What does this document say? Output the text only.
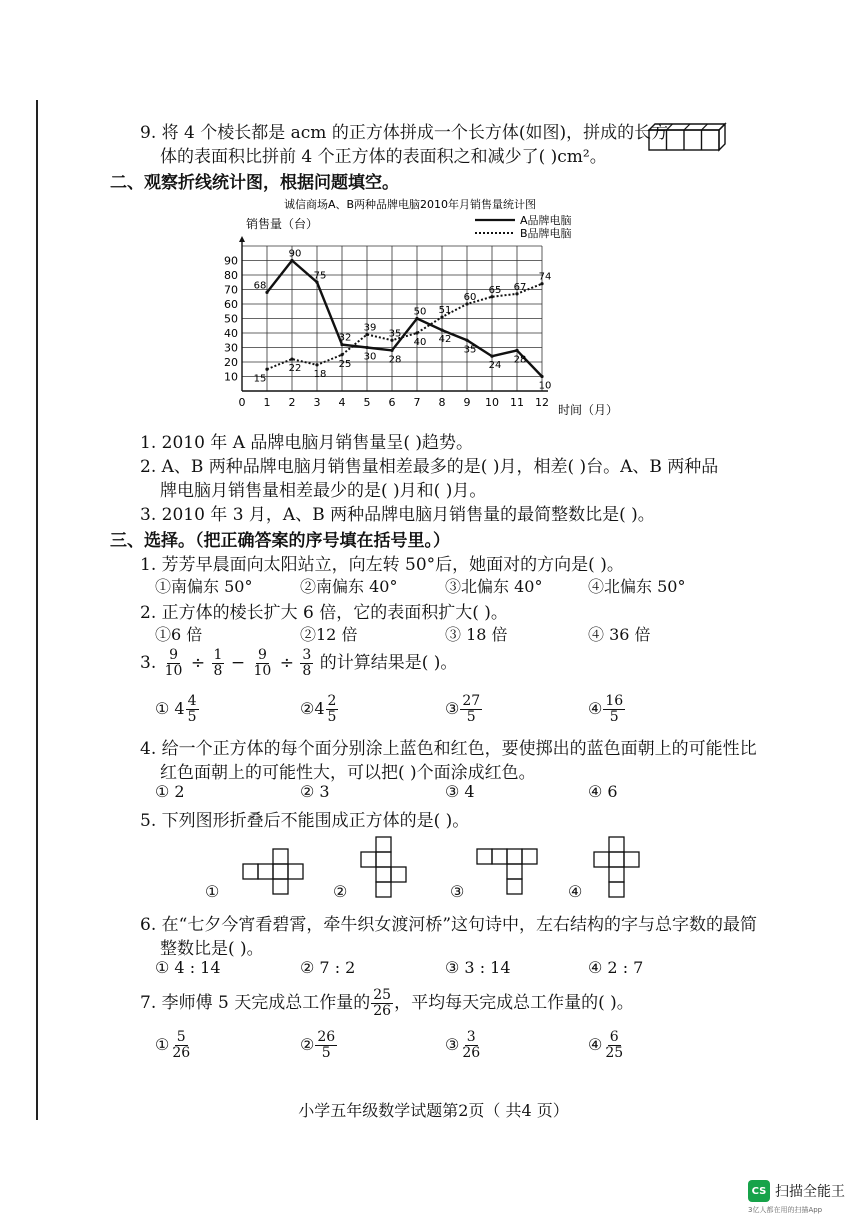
9. 将 4 个棱长都是 acm 的正方体拼成一个长方体(如图)，拼成的长方
体的表面积比拼前 4 个正方体的表面积之和减少了( )cm²。
二、观察折线统计图，根据问题填空。
诚信商场A、B两种品牌电脑2010年月销售量统计图
销售量（台）	A品牌电脑
B品牌电脑
10
20
30
40
50
60
70
80
90
0 1 2 3 4 5 6 7 8 9 10 11 12
68
90
75
32
30 28
50
42
35
24
28
10
15
22
18
25
39
35
40
51
60
65 67
74
时间（月）
1. 2010 年 A 品牌电脑月销售量呈( )趋势。
2. A、B 两种品牌电脑月销售量相差最多的是( )月，相差( )台。A、B 两种品
牌电脑月销售量相差最少的是( )月和( )月。
3. 2010 年 3 月，A、B 两种品牌电脑月销售量的最简整数比是( )。
三、选择。（把正确答案的序号填在括号里。）
1. 芳芳早晨面向太阳站立，向左转 50°后，她面对的方向是( )。
①南偏东 50°	②南偏东 40°	③北偏东 40°	④北偏东 50°
2. 正方体的棱长扩大 6 倍，它的表面积扩大( )。
①6 倍	②12 倍	③ 18 倍	④ 36 倍
3. $\frac{9}{10} \div \frac{1}{8} - \frac{9}{10} \div \frac{3}{8}$ 的计算结果是( )。
① $4 \frac{4}{5}$	②4 $\frac{2}{5}$	③ $\frac{27}{5}$	④ $\frac{16}{5}$
4. 给一个正方体的每个面分别涂上蓝色和红色，要使掷出的蓝色面朝上的可能性比
红色面朝上的可能性大，可以把( )个面涂成红色。
① 2	② 3	③ 4	④ 6
5. 下列图形折叠后不能围成正方体的是( )。
①	②	③	④
6. 在“七夕今宵看碧霄，牵牛织女渡河桥”这句诗中，左右结构的字与总字数的最简
整数比是( )。
① 4 : 14	② 7 : 2	③ 3 : 14	④ 2 : 7
7. 李师傅 5 天完成总工作量的 $\frac{25}{26}$ ，平均每天完成总工作量的( )。
① $\frac{5}{26}$	② $\frac{26}{5}$	③ $\frac{3}{26}$	④ $\frac{6}{25}$
小学五年级数学试题第2页（ 共4 页）
CS 扫描全能王
3亿人都在用的扫描App
